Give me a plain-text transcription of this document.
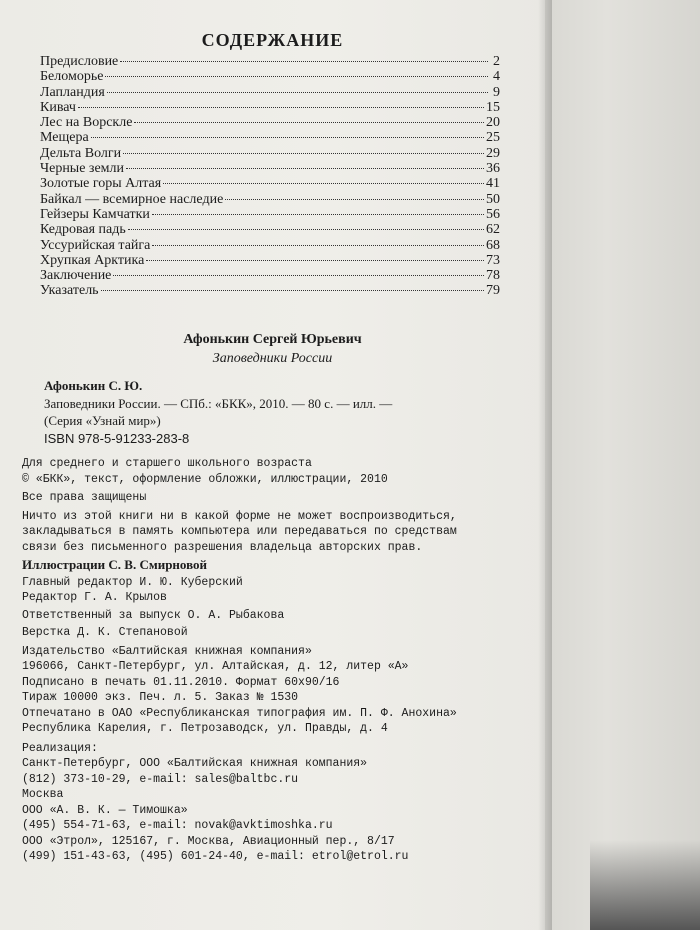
СОДЕРЖАНИЕ
Предисловие	2
Беломорье	4
Лапландия	9
Кивач	15
Лес на Ворскле	20
Мещера	25
Дельта Волги	29
Черные земли	36
Золотые горы Алтая	41
Байкал — всемирное наследие	50
Гейзеры Камчатки	56
Кедровая падь	62
Уссурийская тайга	68
Хрупкая Арктика	73
Заключение	78
Указатель	79
Афонькин Сергей Юрьевич
Заповедники России
Афонькин С. Ю.
Заповедники России. — СПб.: «БКК», 2010. — 80 с. — илл. —
(Серия «Узнай мир»)
ISBN 978-5-91233-283-8
Для среднего и старшего школьного возраста
© «БКК», текст, оформление обложки, иллюстрации, 2010
Все права защищены
Ничто из этой книги ни в какой форме не может воспроизводиться,
закладываться в память компьютера или передаваться по средствам
связи без письменного разрешения владельца авторских прав.
Иллюстрации С. В. Смирновой
Главный редактор И. Ю. Куберский
Редактор Г. А. Крылов
Ответственный за выпуск О. А. Рыбакова
Верстка Д. К. Степановой
Издательство «Балтийская книжная компания»
196066, Санкт-Петербург, ул. Алтайская, д. 12, литер «А»
Подписано в печать 01.11.2010. Формат 60х90/16
Тираж 10000 экз. Печ. л. 5. Заказ № 1530
Отпечатано в ОАО «Республиканская типография им. П. Ф. Анохина»
Республика Карелия, г. Петрозаводск, ул. Правды, д. 4
Реализация:
Санкт-Петербург, ООО «Балтийская книжная компания»
(812) 373-10-29, e-mail: sales@baltbc.ru
Москва
ООО «А. В. К. — Тимошка»
(495) 554-71-63, e-mail: novak@avktimoshka.ru
ООО «Этрол», 125167, г. Москва, Авиационный пер., 8/17
(499) 151-43-63, (495) 601-24-40, e-mail: etrol@etrol.ru
